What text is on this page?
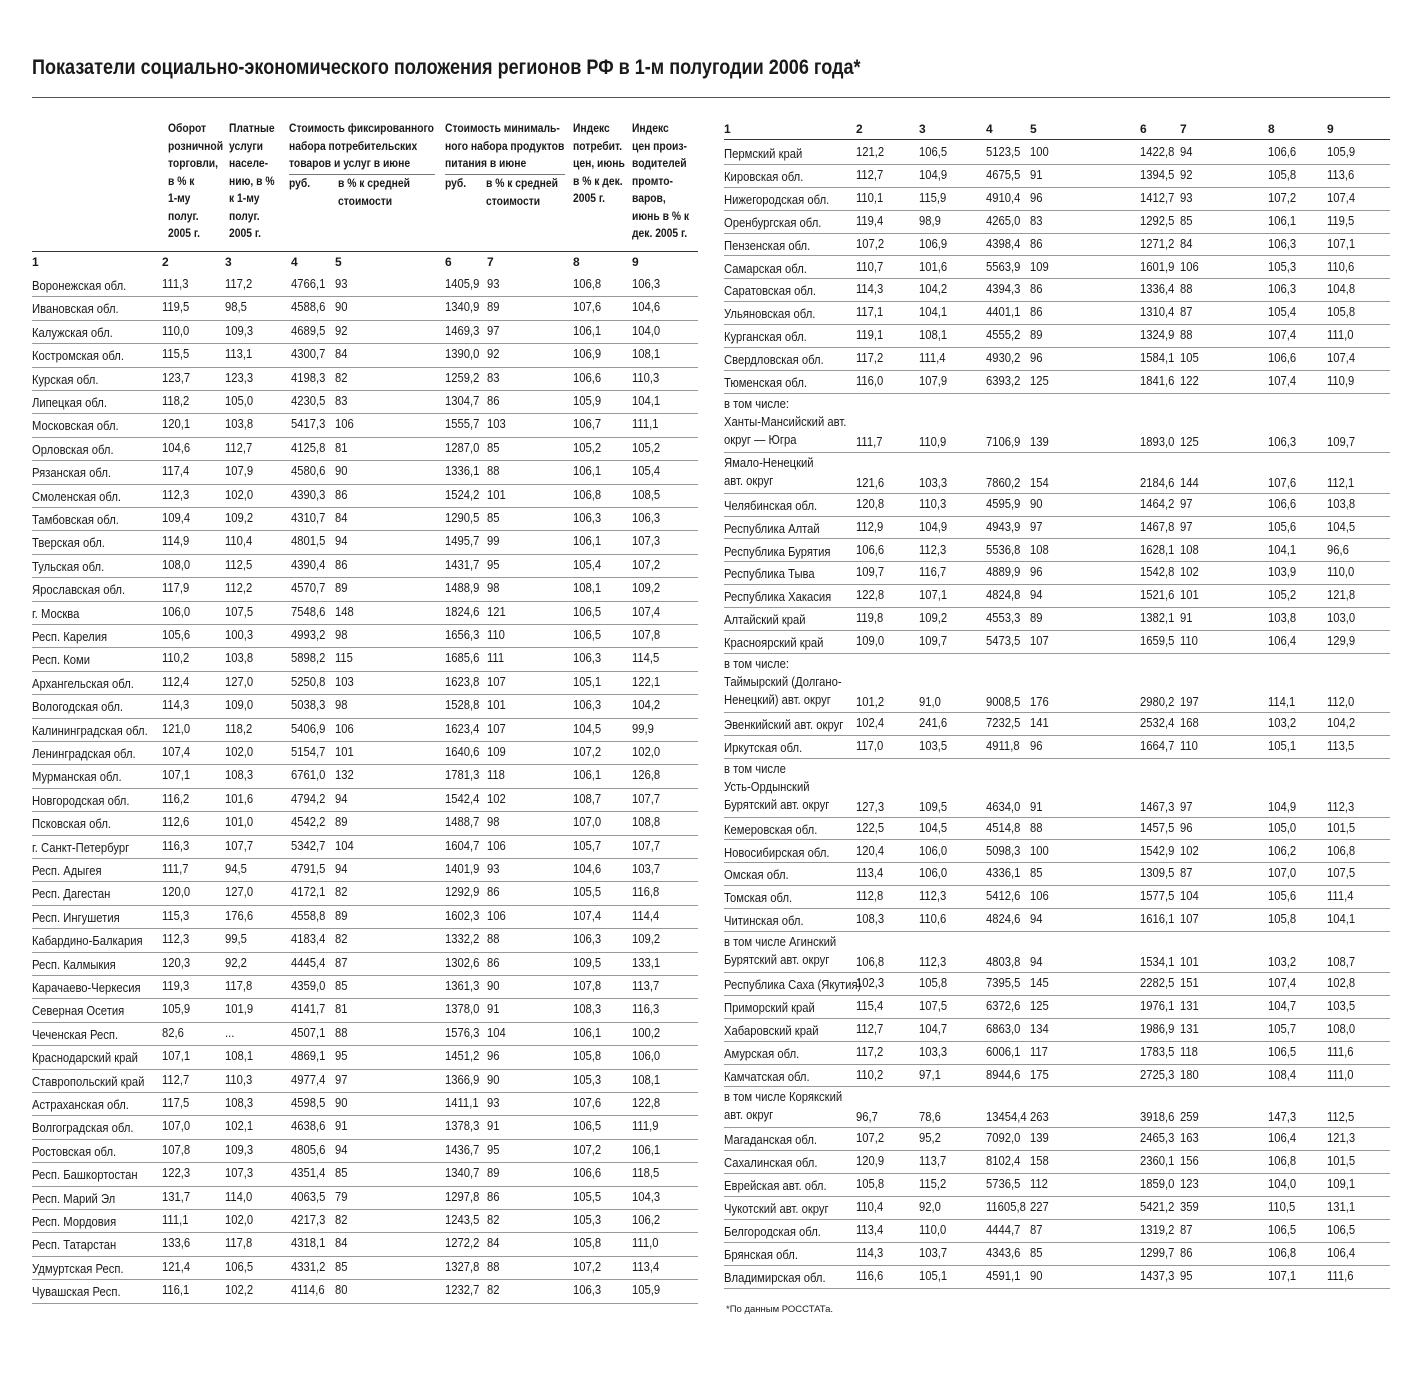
Показатели социально-экономического положения регионов РФ в 1-м полугодии 2006 года*
Оборот
розничной
торговли,
в % к
1-му
полуг.
2005 г.
Платные
услуги
населе-
нию, в %
к 1-му
полуг.
2005 г.
Стоимость фиксированного
набора потребительских
товаров и услуг в июне
руб. в % к средней
стоимости
Стоимость минималь-
ного набора продуктов
питания в июне
руб. в % к средней
стоимости
Индекс
потребит.
цен, июнь
в % к дек.
2005 г.
Индекс
цен произ-
водителей
промто-
варов,
июнь в % к
дек. 2005 г.
1	2	3	4	5	6	7	8	9
Воронежская обл.	111,3	117,2	4766,1 93	1405,9 93	106,8 106,3
Ивановская обл.	119,5	98,5	4588,6 90	1340,9 89	107,6 104,6
Калужская обл.	110,0	109,3	4689,5 92	1469,3 97	106,1 104,0
Костромская обл.	115,5	113,1	4300,7 84	1390,0 92	106,9 108,1
Курская обл.	123,7	123,3	4198,3 82	1259,2 83	106,6 110,3
Липецкая обл.	118,2	105,0	4230,5 83	1304,7 86	105,9 104,1
Московская обл.	120,1	103,8	5417,3 106	1555,7 103	106,7 111,1
Орловская обл.	104,6	112,7	4125,8 81	1287,0 85	105,2 105,2
Рязанская обл.	117,4	107,9	4580,6 90	1336,1 88	106,1 105,4
Смоленская обл.	112,3	102,0	4390,3 86	1524,2 101	106,8 108,5
Тамбовская обл.	109,4	109,2	4310,7 84	1290,5 85	106,3 106,3
Тверская обл.	114,9	110,4	4801,5 94	1495,7 99	106,1 107,3
Тульская обл.	108,0	112,5	4390,4 86	1431,7 95	105,4 107,2
Ярославская обл.	117,9	112,2	4570,7 89	1488,9 98	108,1 109,2
г. Москва	106,0	107,5	7548,6 148	1824,6 121	106,5 107,4
Респ. Карелия	105,6	100,3	4993,2 98	1656,3 110	106,5 107,8
Респ. Коми	110,2	103,8	5898,2 115	1685,6 111	106,3 114,5
Архангельская обл. 112,4	127,0	5250,8 103	1623,8 107	105,1 122,1
Вологодская обл.	114,3	109,0	5038,3 98	1528,8 101	106,3 104,2
Калининградская обл. 121,0	118,2	5406,9 106	1623,4 107	104,5 99,9
Ленинградская обл. 107,4	102,0	5154,7 101	1640,6 109	107,2 102,0
Мурманская обл.	107,1	108,3	6761,0 132	1781,3 118	106,1 126,8
Новгородская обл.	116,2	101,6	4794,2 94	1542,4 102	108,7 107,7
Псковская обл.	112,6	101,0	4542,2 89	1488,7 98	107,0 108,8
г. Санкт-Петербург	116,3	107,7	5342,7 104	1604,7 106	105,7 107,7
Респ. Адыгея	111,7	94,5	4791,5 94	1401,9 93	104,6 103,7
Респ. Дагестан	120,0	127,0	4172,1 82	1292,9 86	105,5 116,8
Респ. Ингушетия	115,3	176,6	4558,8 89	1602,3 106	107,4 114,4
Кабардино-Балкария 112,3	99,5	4183,4 82	1332,2 88	106,3 109,2
Респ. Калмыкия	120,3	92,2	4445,4 87	1302,6 86	109,5 133,1
Карачаево-Черкесия 119,3	117,8	4359,0 85	1361,3 90	107,8 113,7
Северная Осетия	105,9	101,9	4141,7 81	1378,0 91	108,3 116,3
Чеченская Респ.	82,6	...	4507,1 88	1576,3 104	106,1 100,2
Краснодарский край 107,1	108,1	4869,1 95	1451,2 96	105,8 106,0
Ставропольский край 112,7	110,3	4977,4 97	1366,9 90	105,3 108,1
Астраханская обл.	117,5	108,3	4598,5 90	1411,1 93	107,6 122,8
Волгоградская обл. 107,0	102,1	4638,6 91	1378,3 91	106,5 111,9
Ростовская обл.	107,8	109,3	4805,6 94	1436,7 95	107,2 106,1
Респ. Башкортостан 122,3	107,3	4351,4 85	1340,7 89	106,6 118,5
Респ. Марий Эл	131,7	114,0	4063,5 79	1297,8 86	105,5 104,3
Респ. Мордовия	111,1	102,0	4217,3 82	1243,5 82	105,3 106,2
Респ. Татарстан	133,6	117,8	4318,1 84	1272,2 84	105,8 111,0
Удмуртская Респ.	121,4	106,5	4331,2 85	1327,8 88	107,2 113,4
Чувашская Респ.	116,1	102,2	4114,6 80	1232,7 82	106,3 105,9
1	2	3	4	5	6	7	8	9
Пермский край	121,2	106,5	5123,5 100	1422,8 94	106,6 105,9
Кировская обл.	112,7	104,9	4675,5 91	1394,5 92	105,8 113,6
Нижегородская обл. 110,1	115,9	4910,4 96	1412,7 93	107,2 107,4
Оренбургская обл.	119,4	98,9	4265,0 83	1292,5 85	106,1 119,5
Пензенская обл.	107,2	106,9	4398,4 86	1271,2 84	106,3 107,1
Самарская обл.	110,7	101,6	5563,9 109	1601,9 106	105,3 110,6
Саратовская обл.	114,3	104,2	4394,3 86	1336,4 88	106,3 104,8
Ульяновская обл.	117,1	104,1	4401,1 86	1310,4 87	105,4 105,8
Курганская обл.	119,1	108,1	4555,2 89	1324,9 88	107,4 111,0
Свердловская обл.	117,2	111,4	4930,2 96	1584,1 105	106,6 107,4
Тюменская обл.	116,0	107,9	6393,2 125	1841,6 122	107,4 110,9
в том числе:
Ханты-Мансийский авт.
округ — Югра	111,7	110,9	7106,9 139	1893,0 125	106,3 109,7
Ямало-Ненецкий
авт. округ	121,6	103,3	7860,2 154	2184,6 144	107,6 112,1
Челябинская обл.	120,8	110,3	4595,9 90	1464,2 97	106,6 103,8
Республика Алтай	112,9	104,9	4943,9 97	1467,8 97	105,6 104,5
Республика Бурятия 106,6	112,3	5536,8 108	1628,1 108	104,1 96,6
Республика Тыва	109,7	116,7	4889,9 96	1542,8 102	103,9 110,0
Республика Хакасия 122,8	107,1	4824,8 94	1521,6 101	105,2 121,8
Алтайский край	119,8	109,2	4553,3 89	1382,1 91	103,8 103,0
Красноярский край	109,0	109,7	5473,5 107	1659,5 110	106,4 129,9
в том числе:
Таймырский (Долгано-
Ненецкий) авт. округ	101,2	91,0	9008,5 176	2980,2 197	114,1	112,0
Эвенкийский авт. округ 102,4	241,6	7232,5 141	2532,4 168	103,2 104,2
Иркутская обл.	117,0	103,5	4911,8 96	1664,7 110	105,1 113,5
в том числе
Усть-Ордынский
Бурятский авт. округ 127,3	109,5	4634,0 91	1467,3 97	104,9 112,3
Кемеровская обл.	122,5	104,5	4514,8 88	1457,5 96	105,0 101,5
Новосибирская обл. 120,4	106,0	5098,3 100	1542,9 102	106,2 106,8
Омская обл.	113,4	106,0	4336,1 85	1309,5 87	107,0 107,5
Томская обл.	112,8	112,3	5412,6 106	1577,5 104	105,6 111,4
Читинская обл.	108,3	110,6	4824,6 94	1616,1 107	105,8 104,1
в том числе Агинский
Бурятский авт. округ	106,8	112,3	4803,8 94	1534,1 101	103,2 108,7
Республика Саха (Якутия)
102,3	105,8	7395,5 145	2282,5 151	107,4 102,8
Приморский край	115,4	107,5	6372,6 125	1976,1 131	104,7 103,5
Хабаровский край	112,7	104,7	6863,0 134	1986,9 131	105,7 108,0
Амурская обл.	117,2	103,3	6006,1 117	1783,5 118	106,5 111,6
Камчатская обл.	110,2	97,1	8944,6 175	2725,3 180	108,4 111,0
в том числе Корякский
авт. округ	96,7	78,6	13454,4 263	3918,6 259	147,3 112,5
Магаданская обл.	107,2	95,2	7092,0 139	2465,3 163	106,4 121,3
Сахалинская обл.	120,9	113,7	8102,4 158	2360,1 156	106,8 101,5
Еврейская авт. обл. 105,8	115,2	5736,5 112	1859,0 123	104,0 109,1
Чукотский авт. округ 110,4	92,0	11605,8 227	5421,2 359	110,5	131,1
Белгородская обл.	113,4	110,0	4444,7 87	1319,2 87	106,5 106,5
Брянская обл.	114,3	103,7	4343,6 85	1299,7 86	106,8 106,4
Владимирская обл. 116,6	105,1	4591,1 90	1437,3 95	107,1 111,6
*По данным РОССТАТа.
